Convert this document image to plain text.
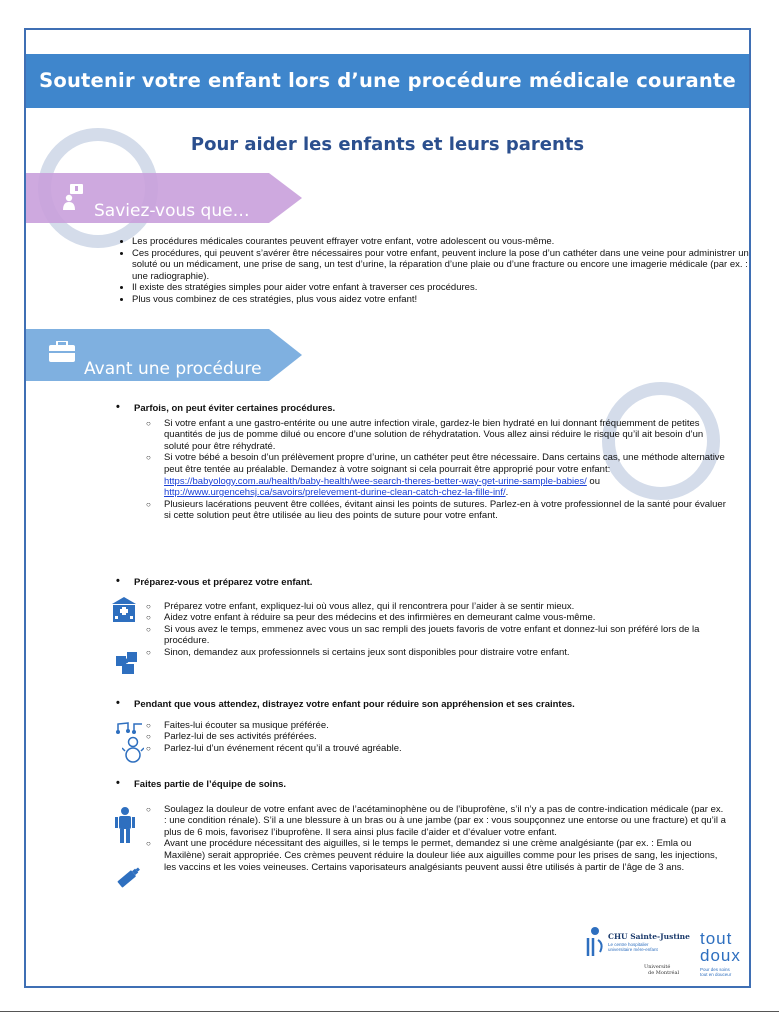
Soutenir votre enfant lors d’une procédure médicale courante
Pour aider les enfants et leurs parents
Saviez-vous que…
• Les procédures médicales courantes peuvent effrayer votre enfant, votre adolescent ou vous-même.
• Ces procédures, qui peuvent s’avérer être nécessaires pour votre enfant, peuvent inclure la pose d’un cathéter dans une veine pour administrer un soluté ou un médicament, une prise de sang, un test d’urine, la réparation d’une plaie ou d’une fracture ou encore une imagerie médicale (par ex. : une radiographie).
• Il existe des stratégies simples pour aider votre enfant à traverser ces procédures.
• Plus vous combinez de ces stratégies, plus vous aidez votre enfant!
Avant une procédure
• Parfois, on peut éviter certaines procédures.
○ Si votre enfant a une gastro-entérite ou une autre infection virale, gardez-le bien hydraté en lui donnant fréquemment de petites quantités de jus de pomme dilué ou encore d’une solution de réhydratation. Vous allez ainsi réduire le risque qu’il ait besoin d’un soluté pour être réhydraté.
○ Si votre bébé a besoin d’un prélèvement propre d’urine, un cathéter peut être nécessaire. Dans certains cas, une méthode alternative peut être tentée au préalable. Demandez à votre soignant si cela pourrait être approprié pour votre enfant: https://babyology.com.au/health/baby-health/wee-search-theres-better-way-get-urine-sample-babies/ ou http://www.urgencehsj.ca/savoirs/prelevement-durine-clean-catch-chez-la-fille-inf/.
○ Plusieurs lacérations peuvent être collées, évitant ainsi les points de sutures. Parlez-en à votre professionnel de la santé pour évaluer si cette solution peut être utilisée au lieu des points de suture pour votre enfant.
• Préparez-vous et préparez votre enfant.
○ Préparez votre enfant, expliquez-lui où vous allez, qui il rencontrera pour l’aider à se sentir mieux.
○ Aidez votre enfant à réduire sa peur des médecins et des infirmières en demeurant calme vous-même.
○ Si vous avez le temps, emmenez avec vous un sac rempli des jouets favoris de votre enfant et donnez-lui son préféré lors de la procédure.
○ Sinon, demandez aux professionnels si certains jeux sont disponibles pour distraire votre enfant.
• Pendant que vous attendez, distrayez votre enfant pour réduire son appréhension et ses craintes.
○ Faites-lui écouter sa musique préférée.
○ Parlez-lui de ses activités préférées.
○ Parlez-lui d’un événement récent qu’il a trouvé agréable.
• Faites partie de l’équipe de soins.
○ Soulagez la douleur de votre enfant avec de l’acétaminophène ou de l’ibuprofène, s’il n’y a pas de contre-indication médicale (par ex. : une condition rénale). S’il a une blessure à un bras ou à une jambe (par ex : vous soupçonnez une entorse ou une fracture) et qu’il a plus de 6 mois, favorisez l’ibuprofène. Il sera ainsi plus facile d’aider et d’évaluer votre enfant.
○ Avant une procédure nécessitant des aiguilles, si le temps le permet, demandez si une crème analgésiante (par ex. : Emla ou Maxilène) serait appropriée. Ces crèmes peuvent réduire la douleur liée aux aiguilles comme pour les prises de sang, les injections, les vaccins et les voies veineuses. Certains vaporisateurs analgésiants peuvent aussi être utilisés à partir de l’âge de 3 ans.
CHU Sainte-Justine
Le centre hospitalier
universitaire mère-enfant
Université
de Montréal
tout
doux
Pour des soins
tout en douceur
